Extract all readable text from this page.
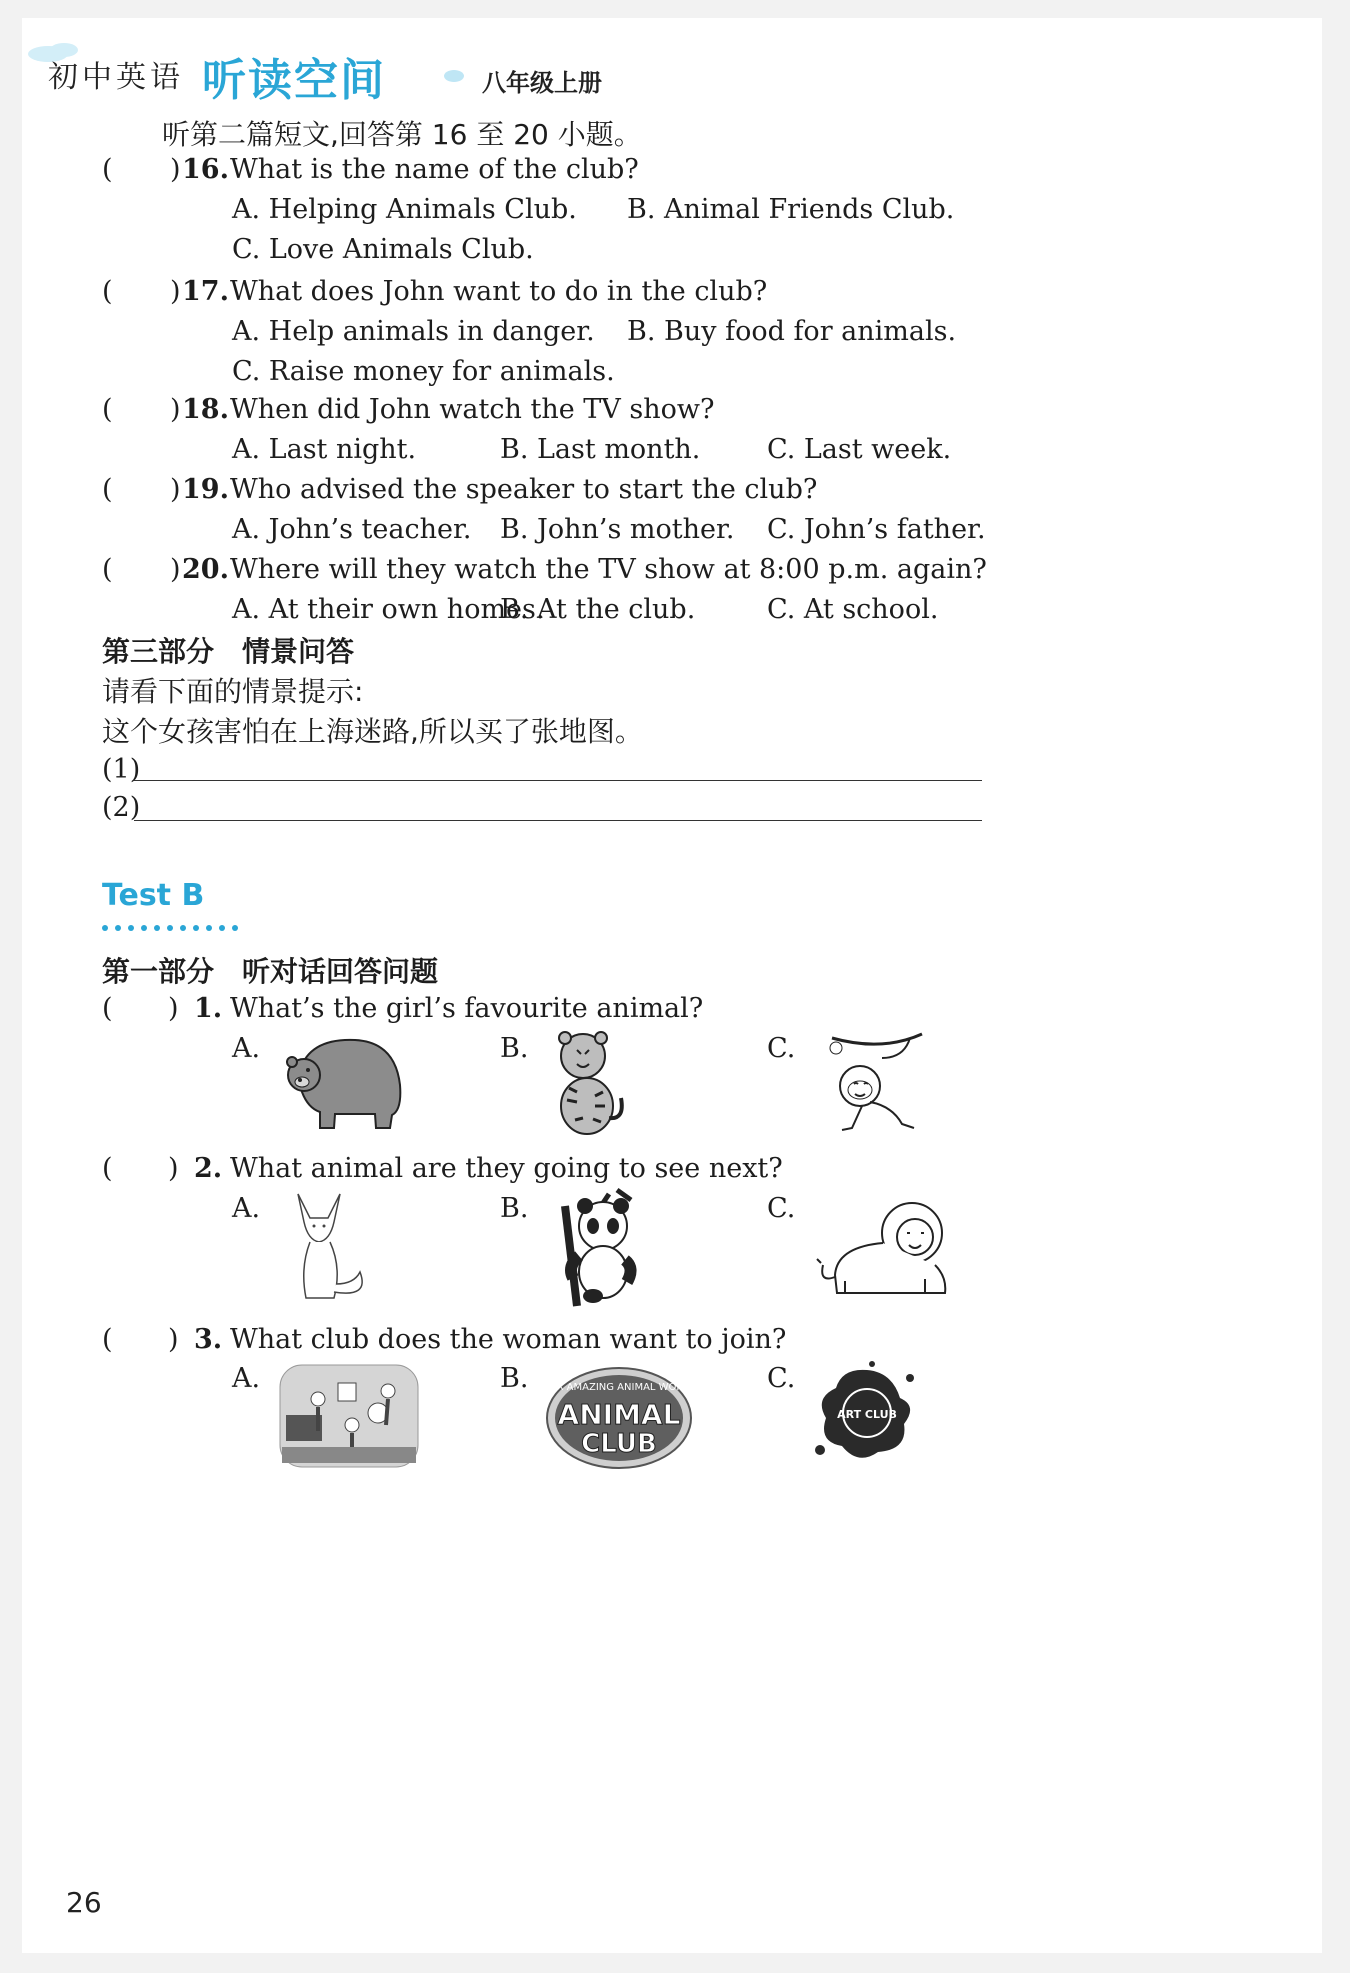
初中英语 听读空间	八年级上册
听第二篇短文,回答第 16 至 20 小题。
( ) 16. What is the name of the club?
A. Helping Animals Club. B. Animal Friends Club.
C. Love Animals Club.
( ) 17. What does John want to do in the club?
A. Help animals in danger. B. Buy food for animals.
C. Raise money for animals.
( ) 18. When did John watch the TV show?
A. Last night.	B. Last month. C. Last week.
( ) 19. Who advised the speaker to start the club?
A. John’s teacher. B. John’s mother. C. John’s father.
( ) 20. Where will they watch the TV show at 8:00 p.m. again?
A. At their own homes.
B. At the club.	C. At school.
第三部分　情景问答
请看下面的情景提示:
这个女孩害怕在上海迷路,所以买了张地图。
(1)
(2)
Test B
第一部分　听对话回答问题
( ) 1. What’s the girl’s favourite animal?
A.	B.	C.
( ) 2. What animal are they going to see next?
A.	B.	C.
( ) 3. What club does the woman want to join?
A.	B.	C.
OUR AMAZING ANIMAL WORLD
ANIMAL
CLUB
ART CLUB
26
